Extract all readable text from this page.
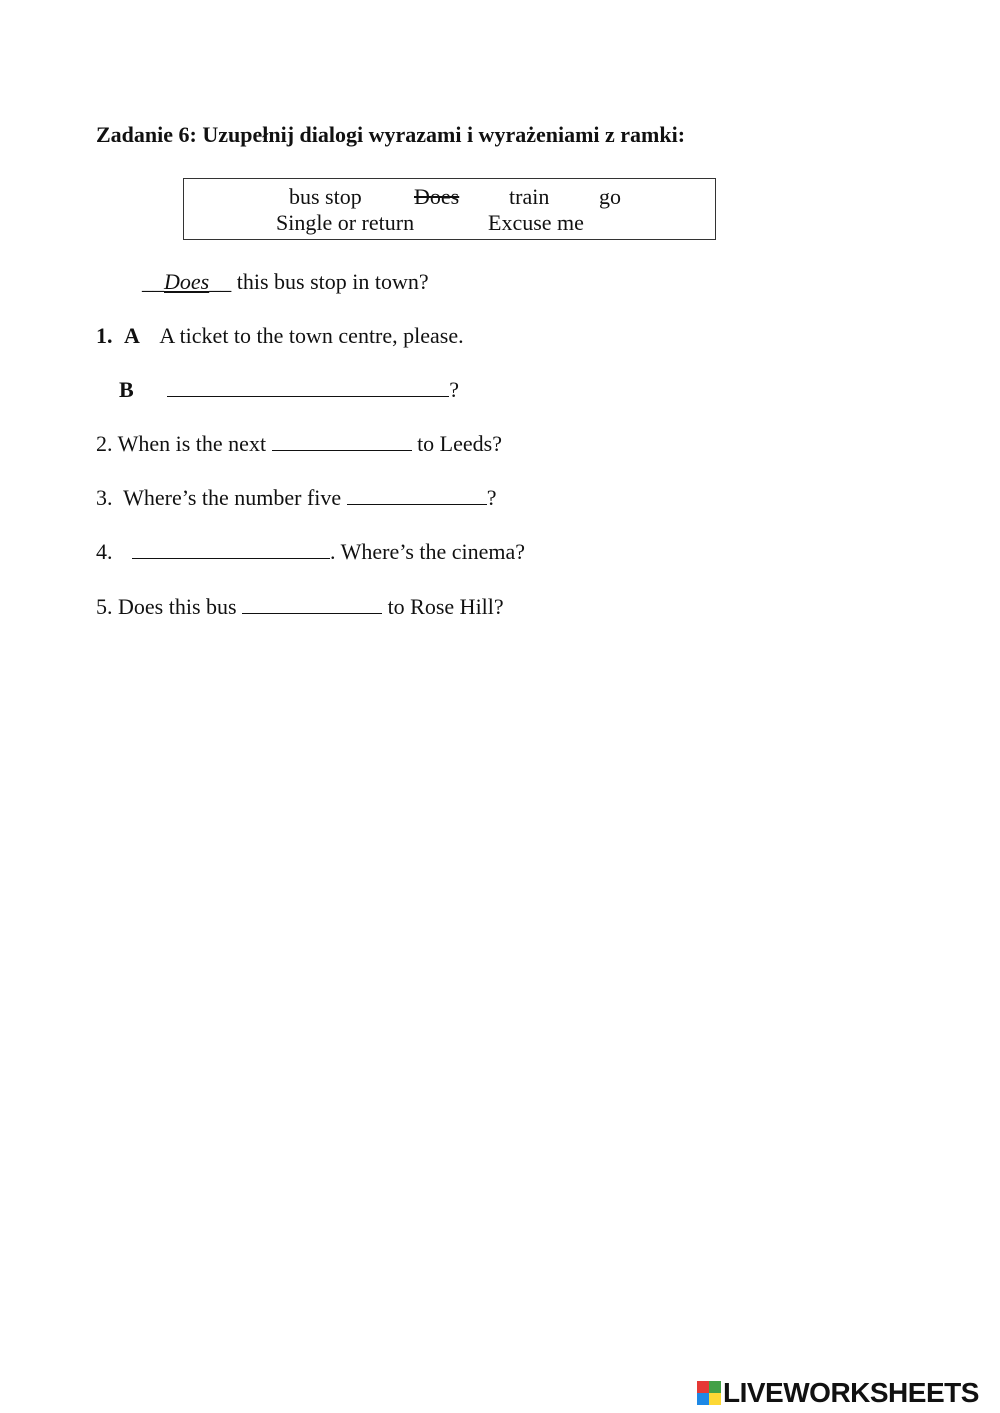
Zadanie 6: Uzupełnij dialogi wyrazami i wyrażeniami z ramki:
bus stop Does train go
Single or return	Excuse me
__Does__ this bus stop in town?
1. A A ticket to the town centre, please.
B	?
2. When is the next	to Leeds?
3.  Where’s the number five	?
4.	. Where’s the cinema?
5. Does this bus	to Rose Hill?
LIVEWORKSHEETS
